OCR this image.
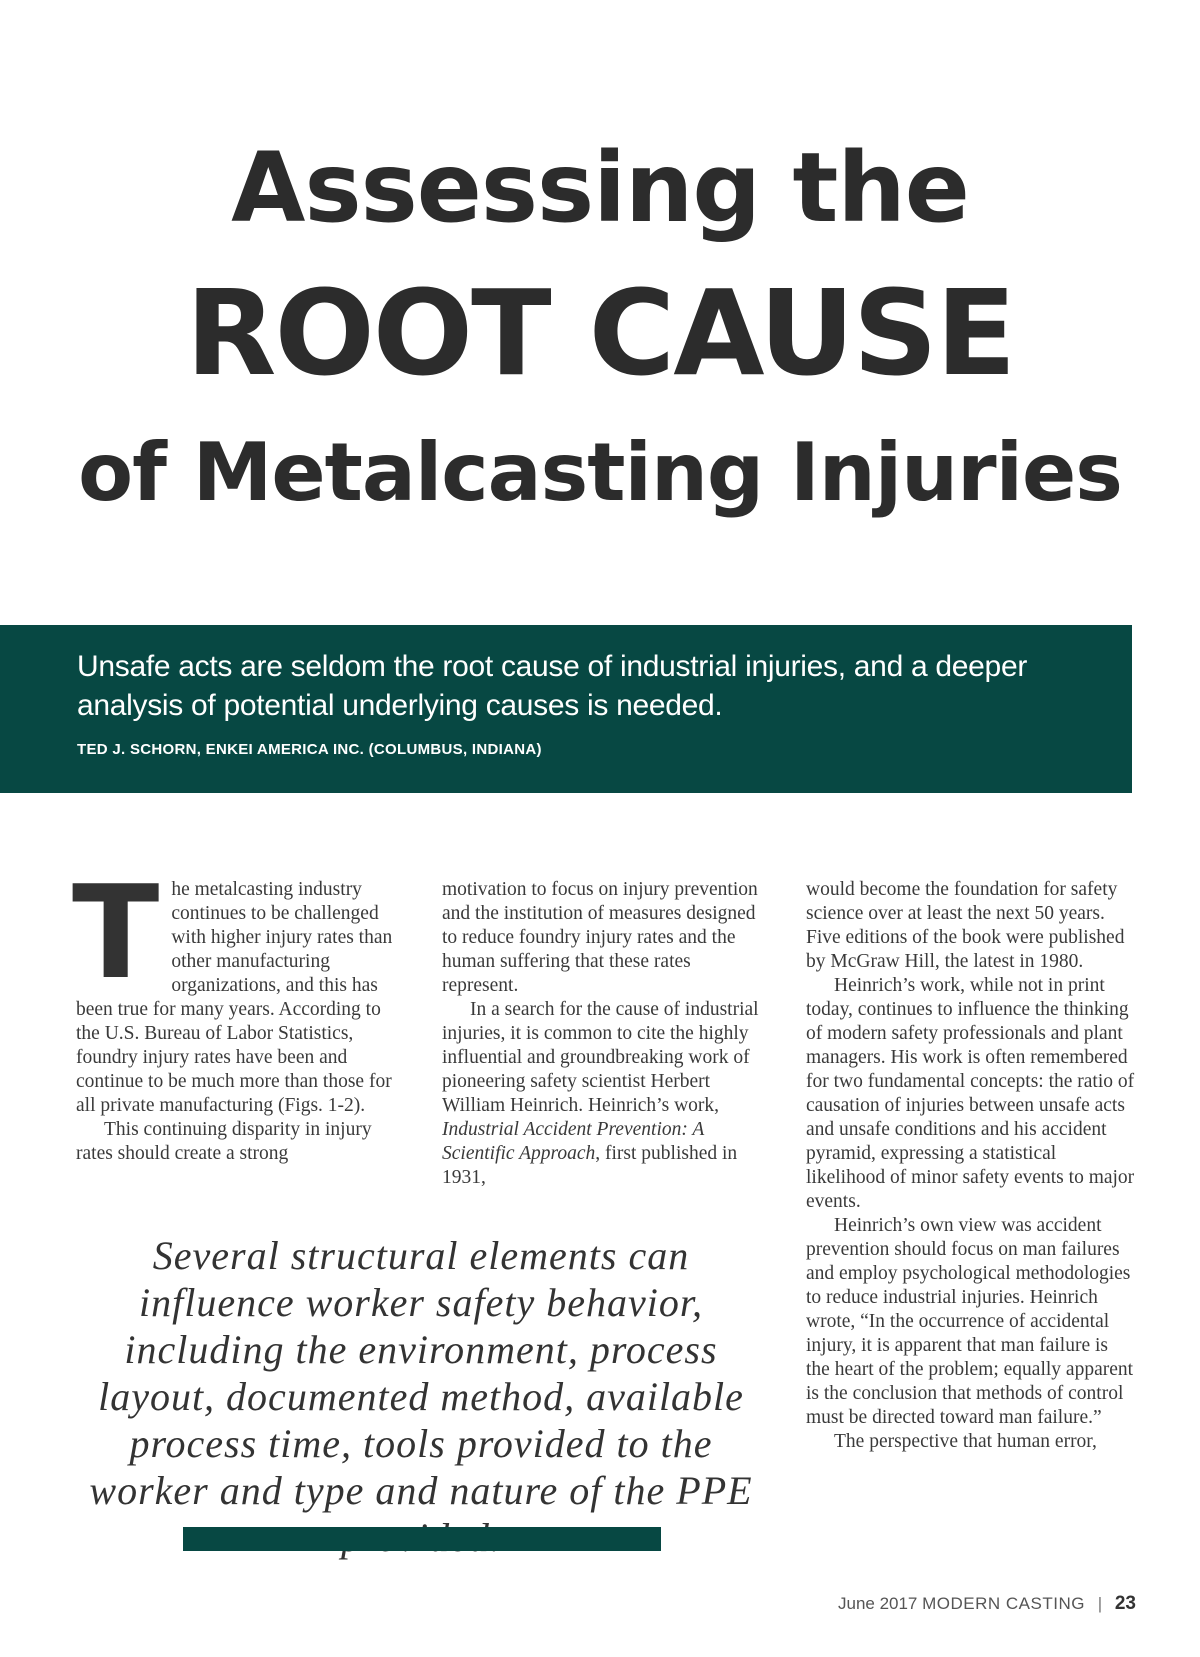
Assessing the
ROOT CAUSE
of Metalcasting Injuries
Unsafe acts are seldom the root cause of industrial injuries, and a deeper analysis of potential underlying causes is needed.
TED J. SCHORN, ENKEI AMERICA INC. (COLUMBUS, INDIANA)

The metalcasting industry continues to be challenged with higher injury rates than other manufacturing organizations, and this has been true for many years. According to the U.S. Bureau of Labor Statistics, foundry injury rates have been and continue to be much more than those for all private manufacturing (Figs. 1-2).

This continuing disparity in injury rates should create a strong

motivation to focus on injury prevention and the institution of measures designed to reduce foundry injury rates and the human suffering that these rates represent.

In a search for the cause of industrial injuries, it is common to cite the highly influential and groundbreaking work of pioneering safety scientist Herbert William Heinrich. Heinrich’s work, Industrial Accident Prevention: A Scientific Approach, first published in 1931,

would become the foundation for safety science over at least the next 50 years. Five editions of the book were published by McGraw Hill, the latest in 1980.

Heinrich’s work, while not in print today, continues to influence the thinking of modern safety professionals and plant managers. His work is often remembered for two fundamental concepts: the ratio of causation of injuries between unsafe acts and unsafe conditions and his accident pyramid, expressing a statistical likelihood of minor safety events to major events.

Heinrich’s own view was accident prevention should focus on man failures and employ psychological methodologies to reduce industrial injuries. Heinrich wrote, “In the occurrence of accidental injury, it is apparent that man failure is the heart of the problem; equally apparent is the conclusion that methods of control must be directed toward man failure.”

The perspective that human error,

Several structural elements can influence worker safety behavior, including the environment, process layout, documented method, available process time, tools provided to the worker and type and nature of the PPE
June 2017 MODERN CASTING | 23
